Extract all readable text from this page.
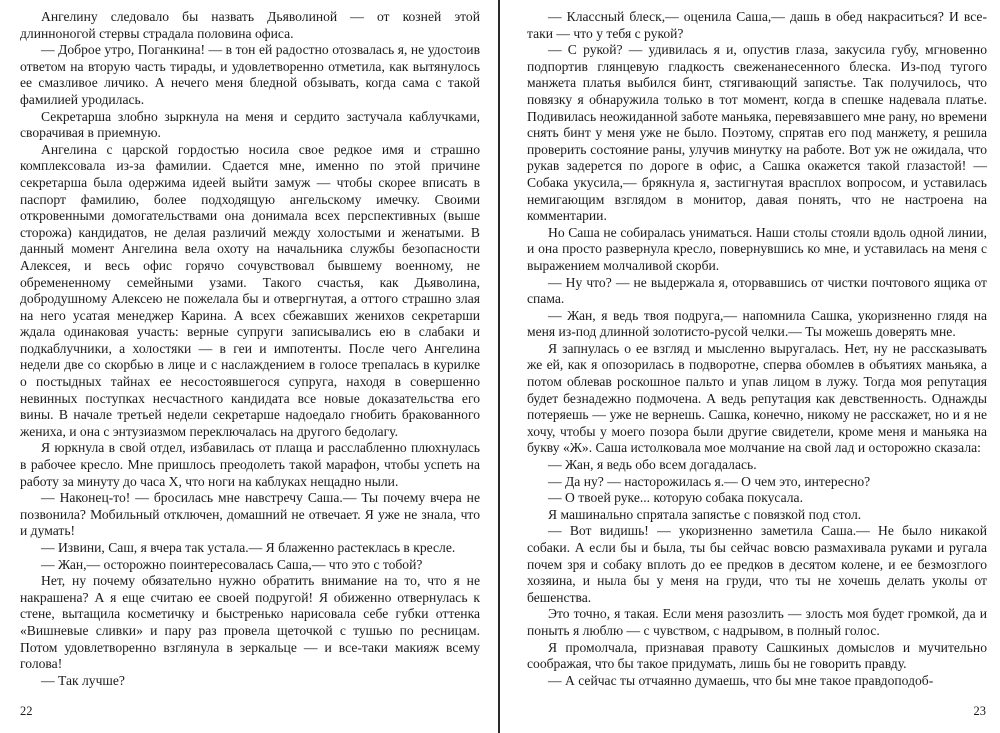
Ангелину следовало бы назвать Дьяволиной — от козней этой длинноногой стервы страдала половина офиса.

— Доброе утро, Поганкина! — в тон ей радостно отозвалась я, не удостоив ответом на вторую часть тирады, и удовлетворенно отметила, как вытянулось ее смазливое личико. А нечего меня бледной обзывать, когда сама с такой фамилией уродилась.

Секретарша злобно зыркнула на меня и сердито застучала каблучками, сворачивая в приемную.

Ангелина с царской гордостью носила свое редкое имя и страшно комплексовала из-за фамилии. Сдается мне, именно по этой причине секретарша была одержима идеей выйти замуж — чтобы скорее вписать в паспорт фамилию, более подходящую ангельскому имечку. Своими откровенными домогательствами она донимала всех перспективных (выше сторожа) кандидатов, не делая различий между холостыми и женатыми. В данный момент Ангелина вела охоту на начальника службы безопасности Алексея, и весь офис горячо сочувствовал бывшему военному, не обремененному семейными узами. Такого счастья, как Дьяволина, добродушному Алексею не пожелала бы и отвергнутая, а оттого страшно злая на него усатая менеджер Карина. А всех сбежавших женихов секретарши ждала одинаковая участь: верные супруги записывались ею в слабаки и подкаблучники, а холостяки — в геи и импотенты. После чего Ангелина недели две со скорбью в лице и с наслаждением в голосе трепалась в курилке о постыдных тайнах ее несостоявшегося супруга, находя в совершенно невинных поступках несчастного кандидата все новые доказательства его вины. В начале третьей недели секретарше надоедало гнобить бракованного жениха, и она с энтузиазмом переключалась на другого бедолагу.

Я юркнула в свой отдел, избавилась от плаща и расслабленно плюхнулась в рабочее кресло. Мне пришлось преодолеть такой марафон, чтобы успеть на работу за минуту до часа Х, что ноги на каблуках нещадно ныли.

— Наконец-то! — бросилась мне навстречу Саша.— Ты почему вчера не позвонила? Мобильный отключен, домашний не отвечает. Я уже не знала, что и думать!

— Извини, Саш, я вчера так устала.— Я блаженно растеклась в кресле.

— Жан,— осторожно поинтересовалась Саша,— что это с тобой?

Нет, ну почему обязательно нужно обратить внимание на то, что я не накрашена? А я еще считаю ее своей подругой! Я обиженно отвернулась к стене, вытащила косметичку и быстренько нарисовала себе губки оттенка «Вишневые сливки» и пару раз провела щеточкой с тушью по ресницам. Потом удовлетворенно взглянула в зеркальце — и все-таки макияж всему голова!

— Так лучше?

22

— Классный блеск,— оценила Саша,— дашь в обед накраситься? И все-таки — что у тебя с рукой?

— С рукой? — удивилась я и, опустив глаза, закусила губу, мгновенно подпортив глянцевую гладкость свеженанесенного блеска. Из-под тугого манжета платья выбился бинт, стягивающий запястье. Так получилось, что повязку я обнаружила только в тот момент, когда в спешке надевала платье. Подивилась неожиданной заботе маньяка, перевязавшего мне рану, но времени снять бинт у меня уже не было. Поэтому, спрятав его под манжету, я решила проверить состояние раны, улучив минутку на работе. Вот уж не ожидала, что рукав задерется по дороге в офис, а Сашка окажется такой глазастой! — Собака укусила,— брякнула я, застигнутая врасплох вопросом, и уставилась немигающим взглядом в монитор, давая понять, что не настроена на комментарии.

Но Саша не собиралась униматься. Наши столы стояли вдоль одной линии, и она просто развернула кресло, повернувшись ко мне, и уставилась на меня с выражением молчаливой скорби.

— Ну что? — не выдержала я, оторвавшись от чистки почтового ящика от спама.

— Жан, я ведь твоя подруга,— напомнила Сашка, укоризненно глядя на меня из-под длинной золотисто-русой челки.— Ты можешь доверять мне.

Я запнулась о ее взгляд и мысленно выругалась. Нет, ну не рассказывать же ей, как я опозорилась в подворотне, сперва обомлев в объятиях маньяка, а потом облевав роскошное пальто и упав лицом в лужу. Тогда моя репутация будет безнадежно подмочена. А ведь репутация как девственность. Однажды потеряешь — уже не вернешь. Сашка, конечно, никому не расскажет, но и я не хочу, чтобы у моего позора были другие свидетели, кроме меня и маньяка на букву «Ж». Саша истолковала мое молчание на свой лад и осторожно сказала:

— Жан, я ведь обо всем догадалась.

— Да ну? — насторожилась я.— О чем это, интересно?

— О твоей руке... которую собака покусала.

Я машинально спрятала запястье с повязкой под стол.

— Вот видишь! — укоризненно заметила Саша.— Не было никакой собаки. А если бы и была, ты бы сейчас вовсю размахивала руками и ругала почем зря и собаку вплоть до ее предков в десятом колене, и ее безмозглого хозяина, и ныла бы у меня на груди, что ты не хочешь делать уколы от бешенства.

Это точно, я такая. Если меня разозлить — злость моя будет громкой, да и поныть я люблю — с чувством, с надрывом, в полный голос.

Я промолчала, признавая правоту Сашкиных домыслов и мучительно соображая, что бы такое придумать, лишь бы не говорить правду.

— А сейчас ты отчаянно думаешь, что бы мне такое правдоподоб-

23
